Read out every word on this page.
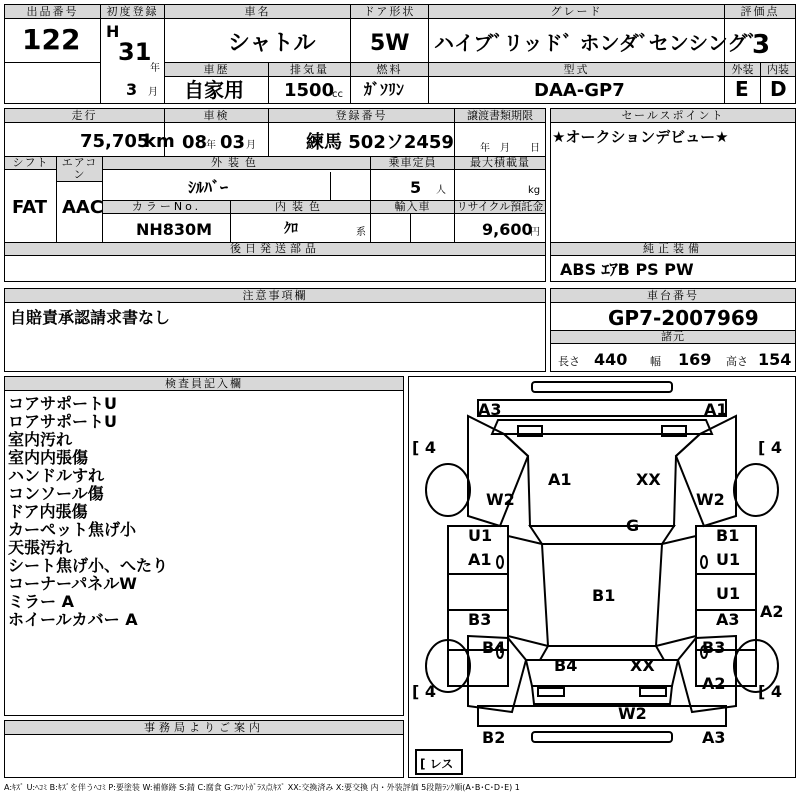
出品番号
122
初度登録
H
31
年
3 月
車名
シャトル
ドア形状
5W
グレード
ハイブﾞリッドﾞ ホンダﾞセンシングﾞ
評価点
3
車歴
自家用
排気量
1500
cc
燃料
ｶﾞｿﾘﾝ
型式
DAA-GP7
外装
E
内装
D
走行
75,705
km
車検
08
年 03 月
登録番号
練馬 502ソ2459
譲渡書類期限
年 月 日
シフト
FAT
エアコン
AAC
外装色
ｼﾙﾊﾞｰ
乗車定員
5 人
最大積載量
kg
カラーNo.
NH830M
内装色
ｸﾛ	系
輸入車	リサイクル預託金
9,600
円
後日発送部品
セールスポイント
★オークションデビュー★
純正装備
ABS ｴｱB PS PW
注意事項欄
自賠責承認請求書なし
車台番号
GP7-2007969
諸元
長さ 440 幅 169 高さ 154
検査員記入欄
コアサポートU
ロアサポートU
室内汚れ
室内内張傷
ハンドルすれ
コンソール傷
ドア内張傷
カーペット焦げ小
天張汚れ
シート焦げ小、へたり
コーナーパネルW
ミラー A
ホイールカバー A
事務局よりご案内
[ 4	[ 4
[ 4	[ 4
[ レス
A3	A1
W2
A1	XX
W2
G
U1
A1
B1
U1
B1	U1
A3 A2
B3
B4	B3
B4	XX
A2
W2
B2	A3
A:ｷｽﾞ U:ﾍｺﾐ B:ｷｽﾞを伴うﾍｺﾐ P:要塗装 W:補修跡 S:錆 C:腐食 G:ﾌﾛﾝﾄｶﾞﾗｽ点ｷｽﾞ XX:交換済み X:要交換 内・外装評価 5段階ﾗﾝｸ順(A･B･C･D･E) 1
